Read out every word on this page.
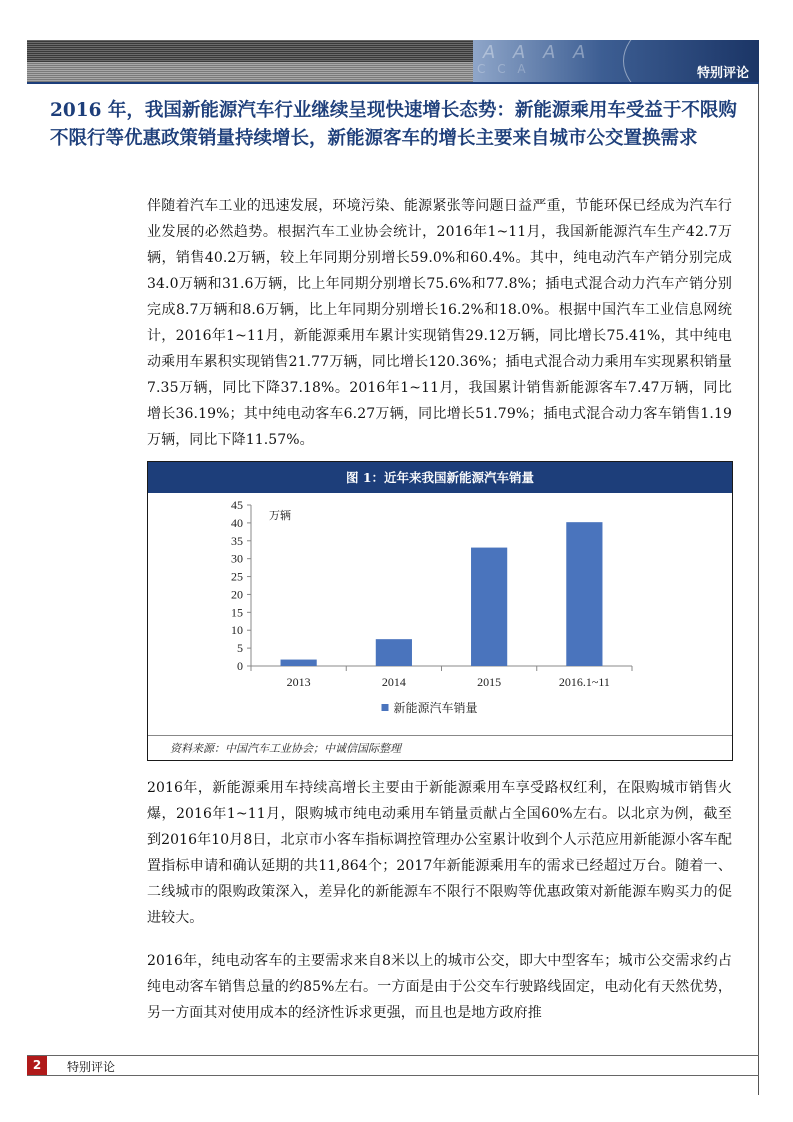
A A A A
C C A	特别评论
2016 年，我国新能源汽车行业继续呈现快速增长态势：新能源乘用车受益于不限购不限行等优惠政策销量持续增长，新能源客车的增长主要来自城市公交置换需求

伴随着汽车工业的迅速发展，环境污染、能源紧张等问题日益严重，节能环保已经成为汽车行业发展的必然趋势。根据汽车工业协会统计，2016年1~11月，我国新能源汽车生产42.7万辆，销售40.2万辆，较上年同期分别增长59.0%和60.4%。其中，纯电动汽车产销分别完成34.0万辆和31.6万辆，比上年同期分别增长75.6%和77.8%；插电式混合动力汽车产销分别完成8.7万辆和8.6万辆，比上年同期分别增长16.2%和18.0%。根据中国汽车工业信息网统计，2016年1~11月，新能源乘用车累计实现销售29.12万辆，同比增长75.41%，其中纯电动乘用车累积实现销售21.77万辆，同比增长120.36%；插电式混合动力乘用车实现累积销量7.35万辆，同比下降37.18%。2016年1~11月，我国累计销售新能源客车7.47万辆，同比增长36.19%；其中纯电动客车6.27万辆，同比增长51.79%；插电式混合动力客车销售1.19万辆，同比下降11.57%。

图 1：近年来我国新能源汽车销量
0
5
10
15
20
25
30
35
40
45
万辆
2013	2014	2015	2016.1~11
新能源汽车销量
资料来源：中国汽车工业协会；中诚信国际整理

2016年，新能源乘用车持续高增长主要由于新能源乘用车享受路权红利，在限购城市销售火爆，2016年1~11月，限购城市纯电动乘用车销量贡献占全国60%左右。以北京为例，截至到2016年10月8日，北京市小客车指标调控管理办公室累计收到个人示范应用新能源小客车配置指标申请和确认延期的共11,864个；2017年新能源乘用车的需求已经超过万台。随着一、二线城市的限购政策深入，差异化的新能源车不限行不限购等优惠政策对新能源车购买力的促进较大。

2016年，纯电动客车的主要需求来自8米以上的城市公交，即大中型客车；城市公交需求约占纯电动客车销售总量的约85%左右。一方面是由于公交车行驶路线固定，电动化有天然优势，另一方面其对使用成本的经济性诉求更强，而且也是地方政府推

2	特别评论
